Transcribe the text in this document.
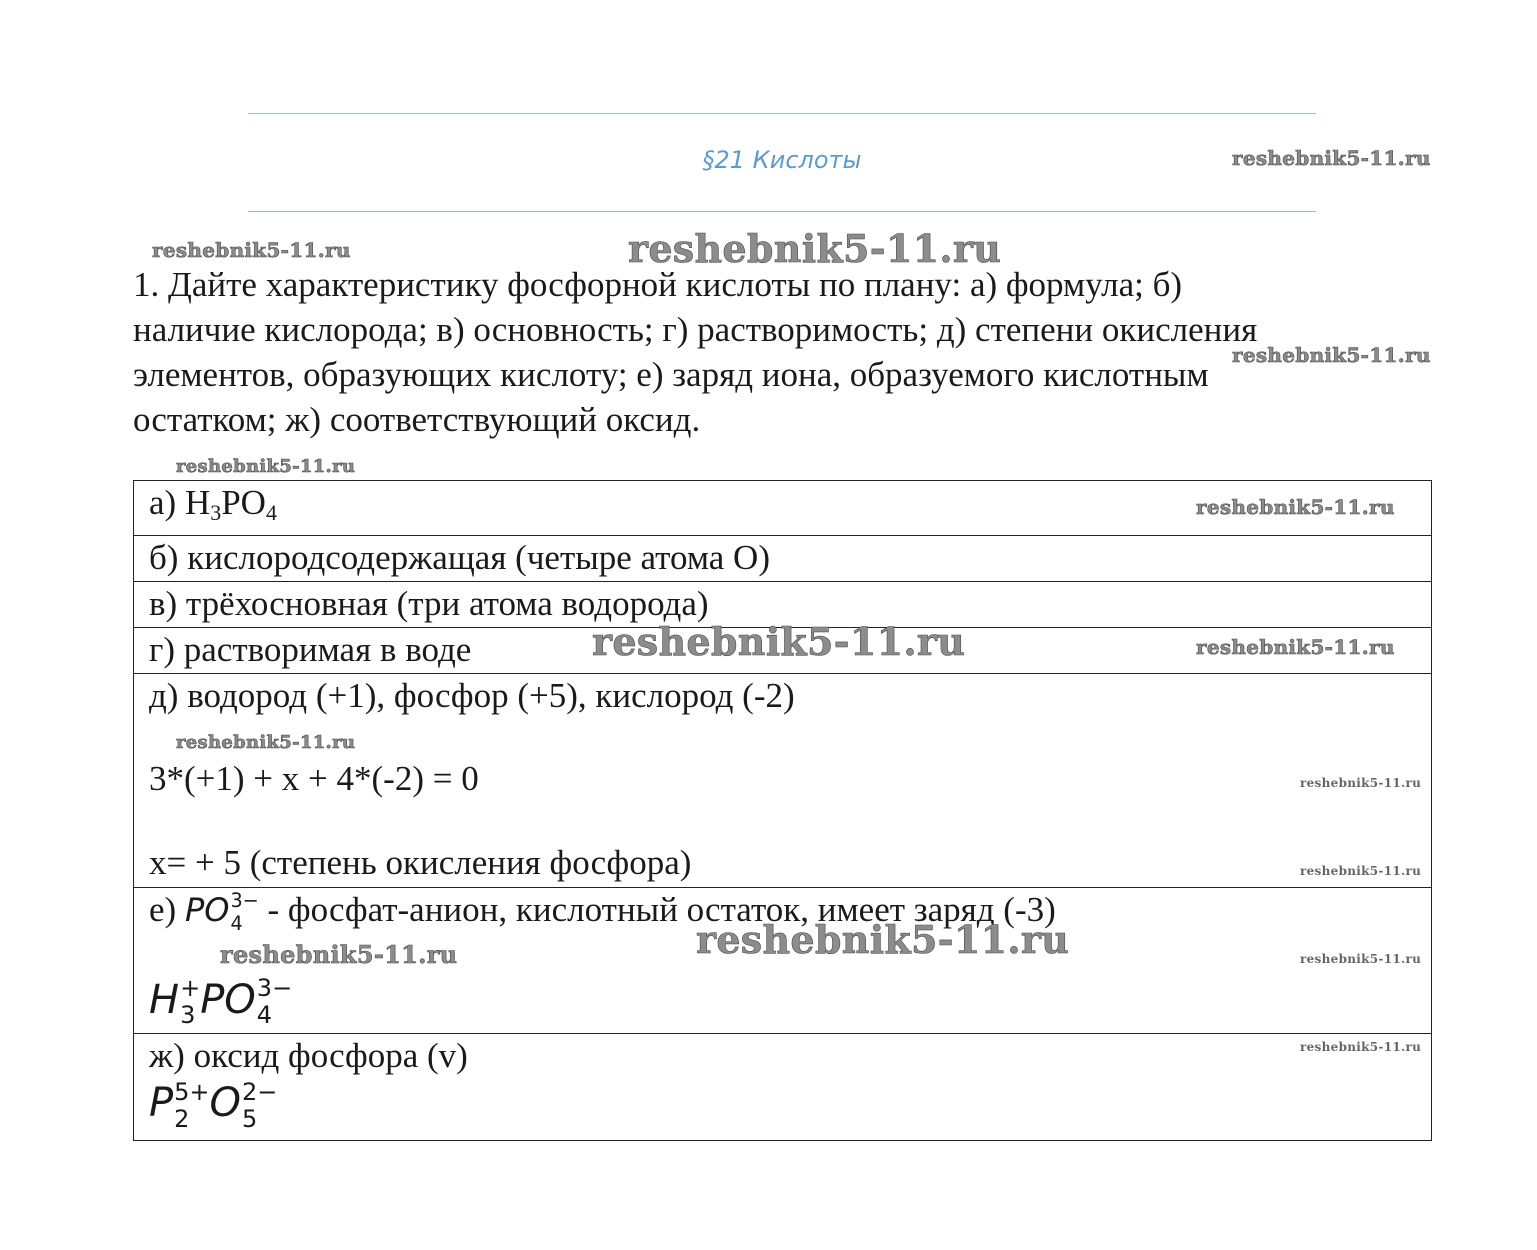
§21 Кислоты
1. Дайте характеристику фосфорной кислоты по плану: а) формула; б)
наличие кислорода; в) основность; г) растворимость; д) степени окисления
элементов, образующих кислоту; е) заряд иона, образуемого кислотным
остатком; ж) соответствующий оксид.
а) $H_3PO_4$

б) кислородсодержащая (четыре атома О)

в) трёхосновная (три атома водорода)

г) растворимая в воде

д) водород (+1), фосфор (+5), кислород (-2)
3*(+1) + x + 4*(-2) = 0
x= + 5 (степень окисления фосфора)

е) PO 3−
4 - фосфат-анион, кислотный остаток, имеет заряд (-3)
H +
3 PO 3−
4

ж) оксид фосфора (v)
P 5+
2 O 2−
5
reshebnik5-11.ru
reshebnik5-11.ru	reshebnik5-11.ru
reshebnik5-11.ru
reshebnik5-11.ru
reshebnik5-11.ru
reshebnik5-11.ru	reshebnik5-11.ru
reshebnik5-11.ru
reshebnik5-11.ru
reshebnik5-11.ru
reshebnik5-11.ru	reshebnik5-11.ru	reshebnik5-11.ru
reshebnik5-11.ru
